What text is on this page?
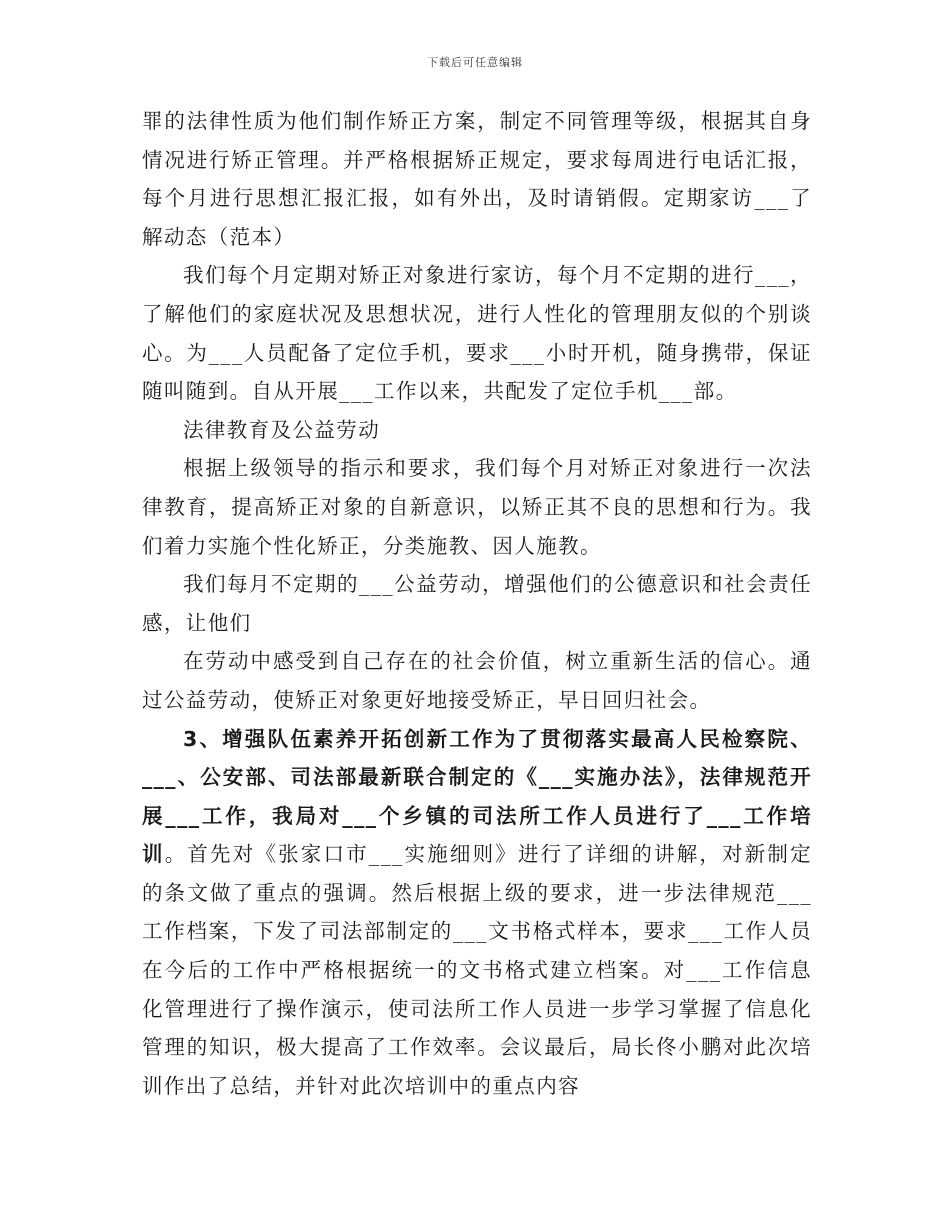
下载后可任意编辑

罪的法律性质为他们制作矫正方案，制定不同管理等级，根据其自身情况进行矫正管理。并严格根据矫正规定，要求每周进行电话汇报，每个月进行思想汇报汇报，如有外出，及时请销假。定期家访___了解动态（范本）

我们每个月定期对矫正对象进行家访，每个月不定期的进行___，了解他们的家庭状况及思想状况，进行人性化的管理朋友似的个别谈心。为___人员配备了定位手机，要求___小时开机，随身携带，保证随叫随到。自从开展___工作以来，共配发了定位手机___部。

法律教育及公益劳动

根据上级领导的指示和要求，我们每个月对矫正对象进行一次法律教育，提高矫正对象的自新意识，以矫正其不良的思想和行为。我们着力实施个性化矫正，分类施教、因人施教。

我们每月不定期的___公益劳动，增强他们的公德意识和社会责任感，让他们

在劳动中感受到自己存在的社会价值，树立重新生活的信心。通过公益劳动，使矫正对象更好地接受矫正，早日回归社会。

3、增强队伍素养开拓创新工作为了贯彻落实最高人民检察院、___、公安部、司法部最新联合制定的《___实施办法》，法律规范开展___工作，我局对___个乡镇的司法所工作人员进行了___工作培训。首先对《张家口市___实施细则》进行了详细的讲解，对新制定的条文做了重点的强调。然后根据上级的要求，进一步法律规范___工作档案，下发了司法部制定的___文书格式样本，要求___工作人员在今后的工作中严格根据统一的文书格式建立档案。对___工作信息化管理进行了操作演示，使司法所工作人员进一步学习掌握了信息化管理的知识，极大提高了工作效率。会议最后，局长佟小鹏对此次培训作出了总结，并针对此次培训中的重点内容
